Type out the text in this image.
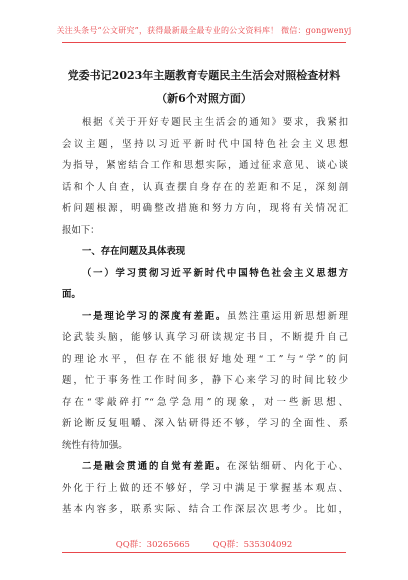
关注头条号“公文研究”，获得最新最全最专业的公文资料库！ 微信：gongwenyj
党委书记2023年主题教育专题民主生活会对照检查材料
（新6个对照方面）

根据《关于开好专题民主生活会的通知》要求，我紧扣

会议主题，坚持以习近平新时代中国特色社会主义思想

为指导，紧密结合工作和思想实际，通过征求意见、谈心谈

话和个人自查，认真查摆自身存在的差距和不足，深刻剖

析问题根源，明确整改措施和努力方向，现将有关情况汇

报如下：

一、存在问题及具体表现

（一）学习贯彻习近平新时代中国特色社会主义思想方

面。

一是理论学习的深度有差距。虽然注重运用新思想新理

论武装头脑，能够认真学习研读规定书目，不断提升自己

的理论水平，但存在不能很好地处理“工”与“学”的问

题，忙于事务性工作时间多，静下心来学习的时间比较少

存在“零敲碎打”“急学急用”的现象，对一些新思想、

新论断反复咀嚼、深入钻研得还不够，学习的全面性、系

统性有待加强。

二是融会贯通的自觉有差距。在深钻细研、内化于心、

外化于行上做的还不够好，学习中满足于掌握基本观点、

基本内容多，联系实际、结合工作深层次思考少。比如，

QQ群：30265665	QQ群：535304092
